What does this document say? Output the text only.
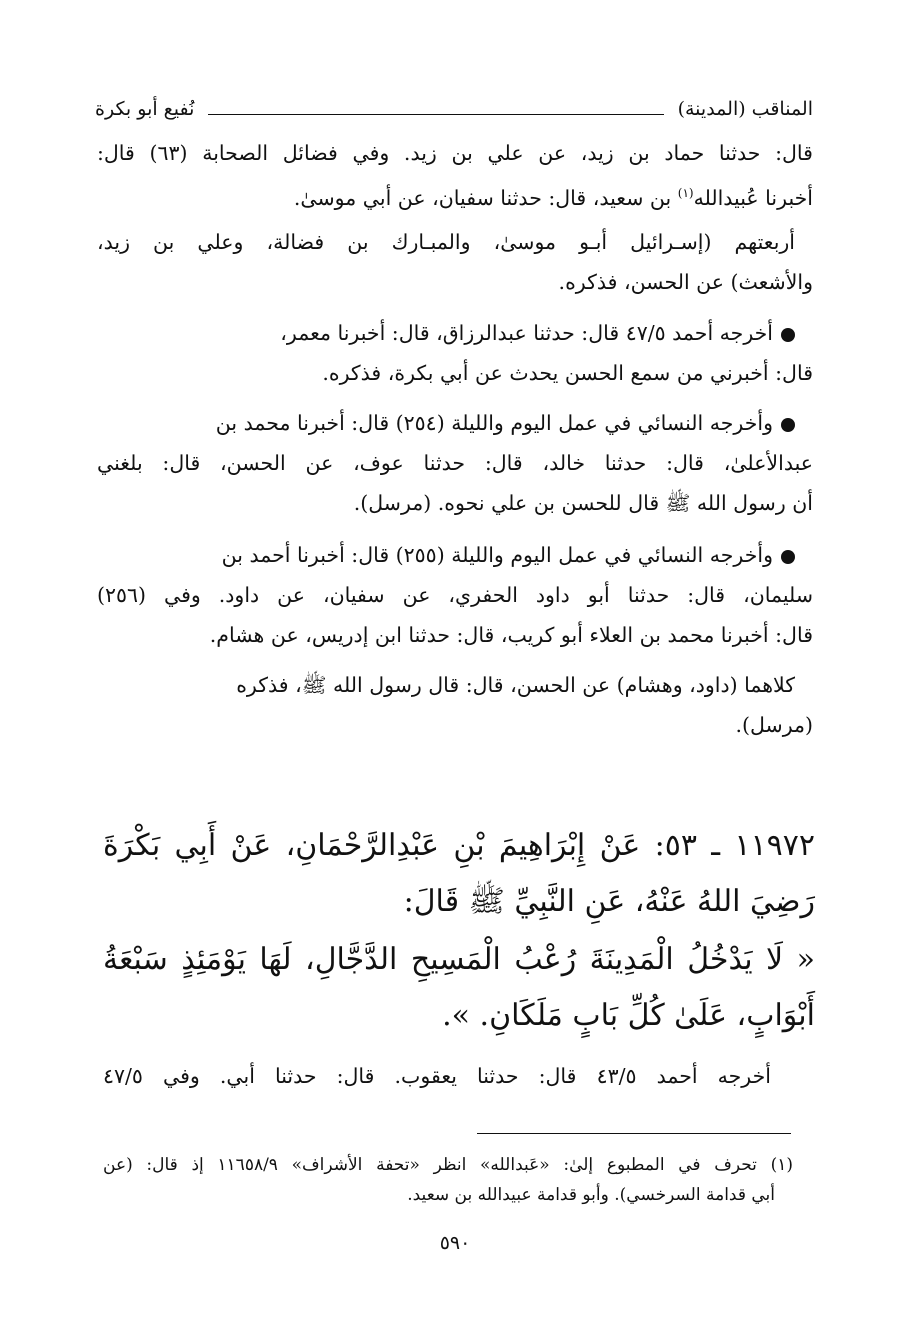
المناقب (المدينة)
نُفيع أبو بكرة
قال: حدثنا حماد بن زيد، عن علي بن زيد. وفي فضائل الصحابة (٦٣) قال:
أخبرنا عُبيدالله$^{(١)}$ بن سعيد، قال: حدثنا سفيان، عن أبي موسىٰ.
أربعتهم (إسـرائيل أبـو موسىٰ، والمبـارك بن فضالة، وعلي بن زيد،
والأشعث) عن الحسن، فذكره.
أخرجه أحمد ٤٧/٥ قال: حدثنا عبدالرزاق، قال: أخبرنا معمر،
قال: أخبرني من سمع الحسن يحدث عن أبي بكرة، فذكره.
وأخرجه النسائي في عمل اليوم والليلة (٢٥٤) قال: أخبرنا محمد بن
عبدالأعلىٰ، قال: حدثنا خالد، قال: حدثنا عوف، عن الحسن، قال: بلغني
أن رسول الله ﷺ قال للحسن بن علي نحوه. (مرسل).
وأخرجه النسائي في عمل اليوم والليلة (٢٥٥) قال: أخبرنا أحمد بن
سليمان، قال: حدثنا أبو داود الحفري، عن سفيان، عن داود. وفي (٢٥٦)
قال: أخبرنا محمد بن العلاء أبو كريب، قال: حدثنا ابن إدريس، عن هشام.
كلاهما (داود، وهشام) عن الحسن، قال: قال رسول الله ﷺ، فذكره
(مرسل).
١١٩٧٢ ـ ٥٣: عَنْ إِبْرَاهِيمَ بْنِ عَبْدِالرَّحْمَانِ، عَنْ أَبِي بَكْرَةَ
رَضِيَ اللهُ عَنْهُ، عَنِ النَّبِيِّ ﷺ قَالَ:
« لَا يَدْخُلُ الْمَدِينَةَ رُعْبُ الْمَسِيحِ الدَّجَّالِ، لَهَا يَوْمَئِذٍ سَبْعَةُ
أَبْوَابٍ، عَلَىٰ كُلِّ بَابٍ مَلَكَانِ. ».
أخرجه أحمد ٤٣/٥ قال: حدثنا يعقوب. قال: حدثنا أبي. وفي ٤٧/٥
(١) تحرف في المطبوع إلىٰ: «عَبدالله» انظر «تحفة الأشراف» ١١٦٥٨/٩ إذ قال: (عن
أبي قدامة السرخسي). وأبو قدامة عبيدالله بن سعيد.
٥٩٠
